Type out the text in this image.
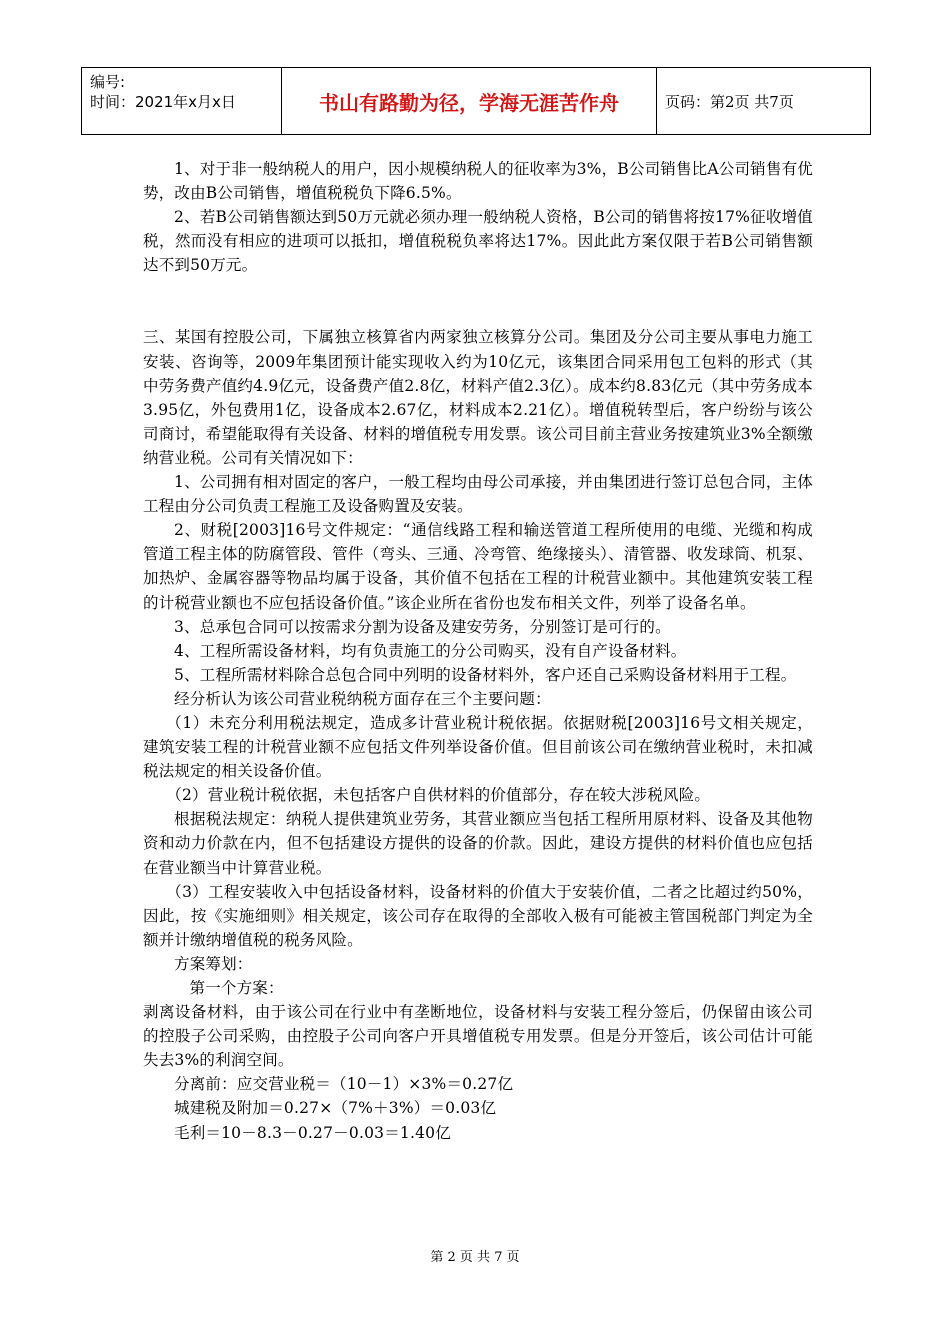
编号:
时间：2021年x月x日	书山有路勤为径，学海无涯苦作舟	页码：第2页 共7页

1、对于非一般纳税人的用户，因小规模纳税人的征收率为3%，B公司销售比A公司销售有优势，改由B公司销售，增值税税负下降6.5%。

2、若B公司销售额达到50万元就必须办理一般纳税人资格，B公司的销售将按17%征收增值税，然而没有相应的进项可以抵扣，增值税税负率将达17%。因此此方案仅限于若B公司销售额达不到50万元。

三、某国有控股公司，下属独立核算省内两家独立核算分公司。集团及分公司主要从事电力施工安装、咨询等，2009年集团预计能实现收入约为10亿元，该集团合同采用包工包料的形式（其中劳务费产值约4.9亿元，设备费产值2.8亿，材料产值2.3亿）。成本约8.83亿元（其中劳务成本3.95亿，外包费用1亿，设备成本2.67亿，材料成本2.21亿）。增值税转型后，客户纷纷与该公司商讨，希望能取得有关设备、材料的增值税专用发票。该公司目前主营业务按建筑业3%全额缴纳营业税。公司有关情况如下：

1、公司拥有相对固定的客户，一般工程均由母公司承接，并由集团进行签订总包合同，主体工程由分公司负责工程施工及设备购置及安装。

2、财税[2003]16号文件规定：“通信线路工程和输送管道工程所使用的电缆、光缆和构成管道工程主体的防腐管段、管件（弯头、三通、冷弯管、绝缘接头）、清管器、收发球筒、机泵、加热炉、金属容器等物品均属于设备，其价值不包括在工程的计税营业额中。其他建筑安装工程的计税营业额也不应包括设备价值。”该企业所在省份也发布相关文件，列举了设备名单。

3、总承包合同可以按需求分割为设备及建安劳务，分别签订是可行的。

4、工程所需设备材料，均有负责施工的分公司购买，没有自产设备材料。

5、工程所需材料除合总包合同中列明的设备材料外，客户还自己采购设备材料用于工程。

经分析认为该公司营业税纳税方面存在三个主要问题：

（1）未充分利用税法规定，造成多计营业税计税依据。依据财税[2003]16号文相关规定，建筑安装工程的计税营业额不应包括文件列举设备价值。但目前该公司在缴纳营业税时，未扣减税法规定的相关设备价值。

（2）营业税计税依据，未包括客户自供材料的价值部分，存在较大涉税风险。

根据税法规定：纳税人提供建筑业劳务，其营业额应当包括工程所用原材料、设备及其他物资和动力价款在内，但不包括建设方提供的设备的价款。因此，建设方提供的材料价值也应包括在营业额当中计算营业税。

（3）工程安装收入中包括设备材料，设备材料的价值大于安装价值，二者之比超过约50%，因此，按《实施细则》相关规定，该公司存在取得的全部收入极有可能被主管国税部门判定为全额并计缴纳增值税的税务风险。

方案筹划：

第一个方案：

剥离设备材料，由于该公司在行业中有垄断地位，设备材料与安装工程分签后，仍保留由该公司的控股子公司采购，由控股子公司向客户开具增值税专用发票。但是分开签后，该公司估计可能失去3%的利润空间。

分离前：应交营业税＝（10－1）×3%＝0.27亿

城建税及附加＝0.27×（7%＋3%）＝0.03亿

毛利＝10－8.3－0.27－0.03＝1.40亿

第 2 页 共 7 页
